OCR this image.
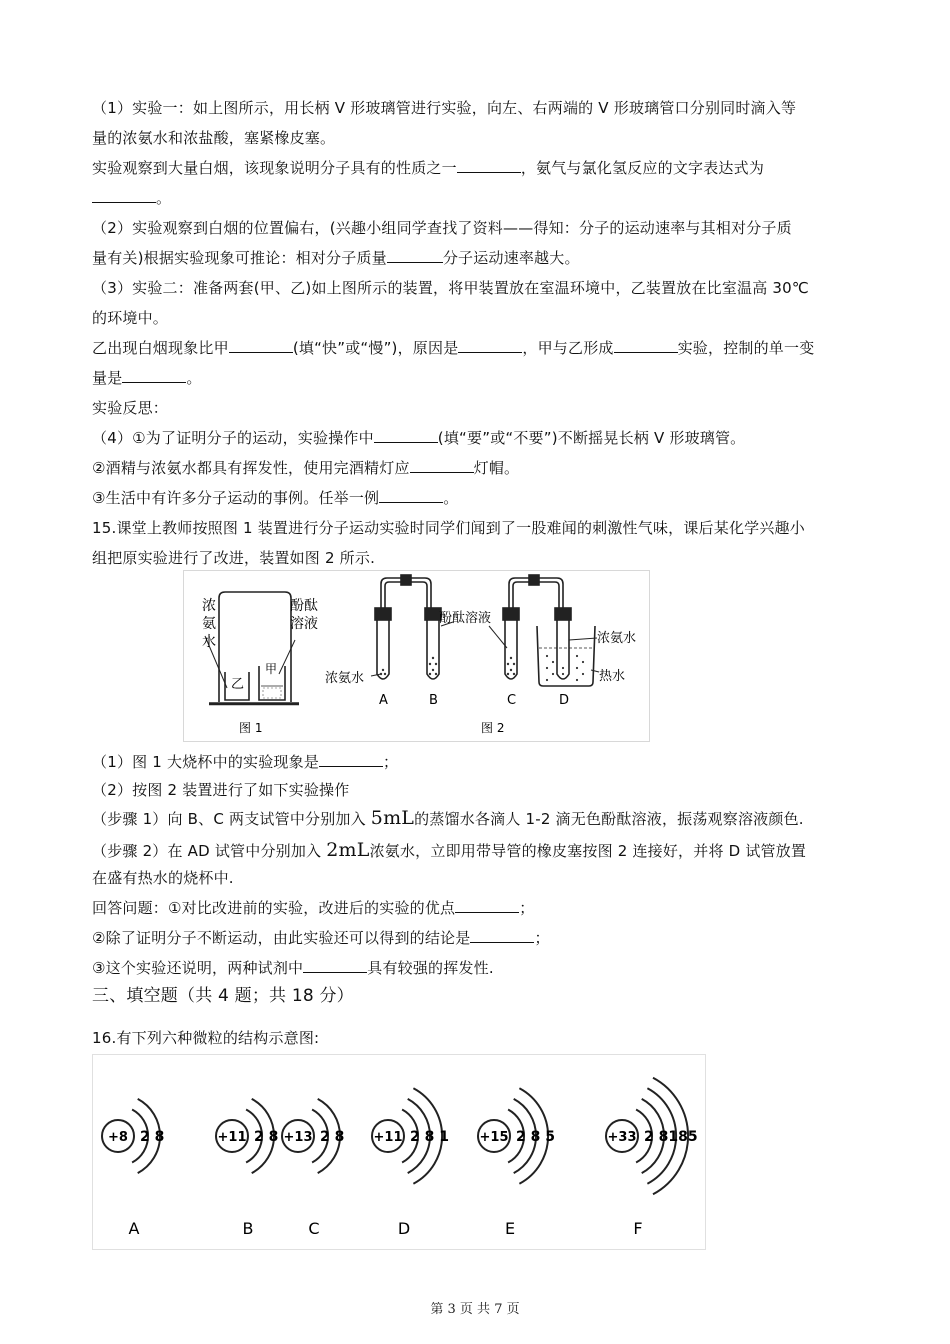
（1）实验一：如上图所示，用长柄 V 形玻璃管进行实验，向左、右两端的 V 形玻璃管口分别同时滴入等
量的浓氨水和浓盐酸，塞紧橡皮塞。
实验观察到大量白烟，该现象说明分子具有的性质之一	，氨气与氯化氢反应的文字表达式为
。
（2）实验观察到白烟的位置偏右，(兴趣小组同学查找了资料——得知：分子的运动速率与其相对分子质
量有关)根据实验现象可推论：相对分子质量	分子运动速率越大。
（3）实验二：准备两套(甲、乙)如上图所示的装置，将甲装置放在室温环境中，乙装置放在比室温高 30℃
的环境中。
乙出现白烟现象比甲	(填“快”或“慢”)，原因是	，甲与乙形成	实验，控制的单一变
量是	。
实验反思：
（4）①为了证明分子的运动，实验操作中	(填“要”或“不要”)不断摇晃长柄 V 形玻璃管。
②酒精与浓氨水都具有挥发性，使用完酒精灯应	灯帽。
③生活中有许多分子运动的事例。任举一例	。
15.课堂上教师按照图 1 装置进行分子运动实验时同学们闻到了一股难闻的刺激性气味，课后某化学兴趣小
组把原实验进行了改进，装置如图 2 所示.
浓
氨
水
酚酞
溶液
乙
甲
图 1
酚酞溶液
浓氨水
浓氨水
热水
A	B	C	D
图 2
（1）图 1 大烧杯中的实验现象是	；
（2）按图 2 装置进行了如下实验操作
（步骤 1）向 B、C 两支试管中分别加入 5mL的蒸馏水各滴人 1-2 滴无色酚酞溶液，振荡观察溶液颜色.
（步骤 2）在 AD 试管中分别加入 2mL浓氨水，立即用带导管的橡皮塞按图 2 连接好，并将 D 试管放置
在盛有热水的烧杯中.
回答问题：①对比改进前的实验，改进后的实验的优点	；
②除了证明分子不断运动，由此实验还可以得到的结论是	；
③这个实验还说明，两种试剂中	具有较强的挥发性.
三、填空题（共 4 题；共 18 分）
16.有下列六种微粒的结构示意图:
+8 2 8
A
+11 2 8
B
+13 2 8
C
+11 2 8 1
D
+15 2 8 5
E
+33 2 8185
F
第 3 页 共 7 页
